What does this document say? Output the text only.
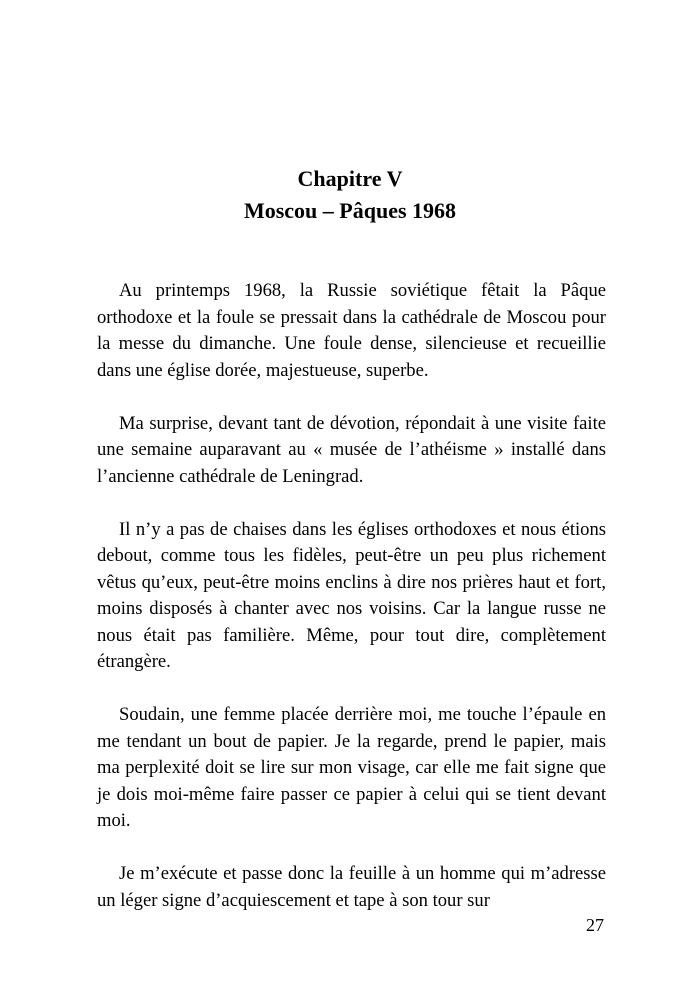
Chapitre V
Moscou – Pâques 1968

Au printemps 1968, la Russie soviétique fêtait la Pâque orthodoxe et la foule se pressait dans la cathédrale de Moscou pour la messe du dimanche. Une foule dense, silencieuse et recueillie dans une église dorée, majestueuse, superbe.

Ma surprise, devant tant de dévotion, répondait à une visite faite une semaine auparavant au « musée de l’athéisme » installé dans l’ancienne cathédrale de Leningrad.

Il n’y a pas de chaises dans les églises orthodoxes et nous étions debout, comme tous les fidèles, peut-être un peu plus richement vêtus qu’eux, peut-être moins enclins à dire nos prières haut et fort, moins disposés à chanter avec nos voisins. Car la langue russe ne nous était pas familière. Même, pour tout dire, complètement étrangère.

Soudain, une femme placée derrière moi, me touche l’épaule en me tendant un bout de papier. Je la regarde, prend le papier, mais ma perplexité doit se lire sur mon visage, car elle me fait signe que je dois moi-même faire passer ce papier à celui qui se tient devant moi.

Je m’exécute et passe donc la feuille à un homme qui m’adresse un léger signe d’acquiescement et tape à son tour sur

27
